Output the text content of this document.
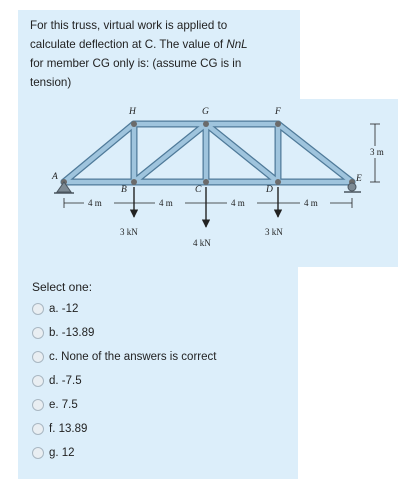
For this truss, virtual work is applied to
calculate deflection at C. The value of NnL
for member CG only is: (assume CG is in
tension)
A
B	C	D
E
F
G
H
4 m	4 m	4 m	4 m
3 m
3 kN
4 kN
3 kN
Select one:
a. -12
b. -13.89
c. None of the answers is correct
d. -7.5
e. 7.5
f. 13.89
g. 12
